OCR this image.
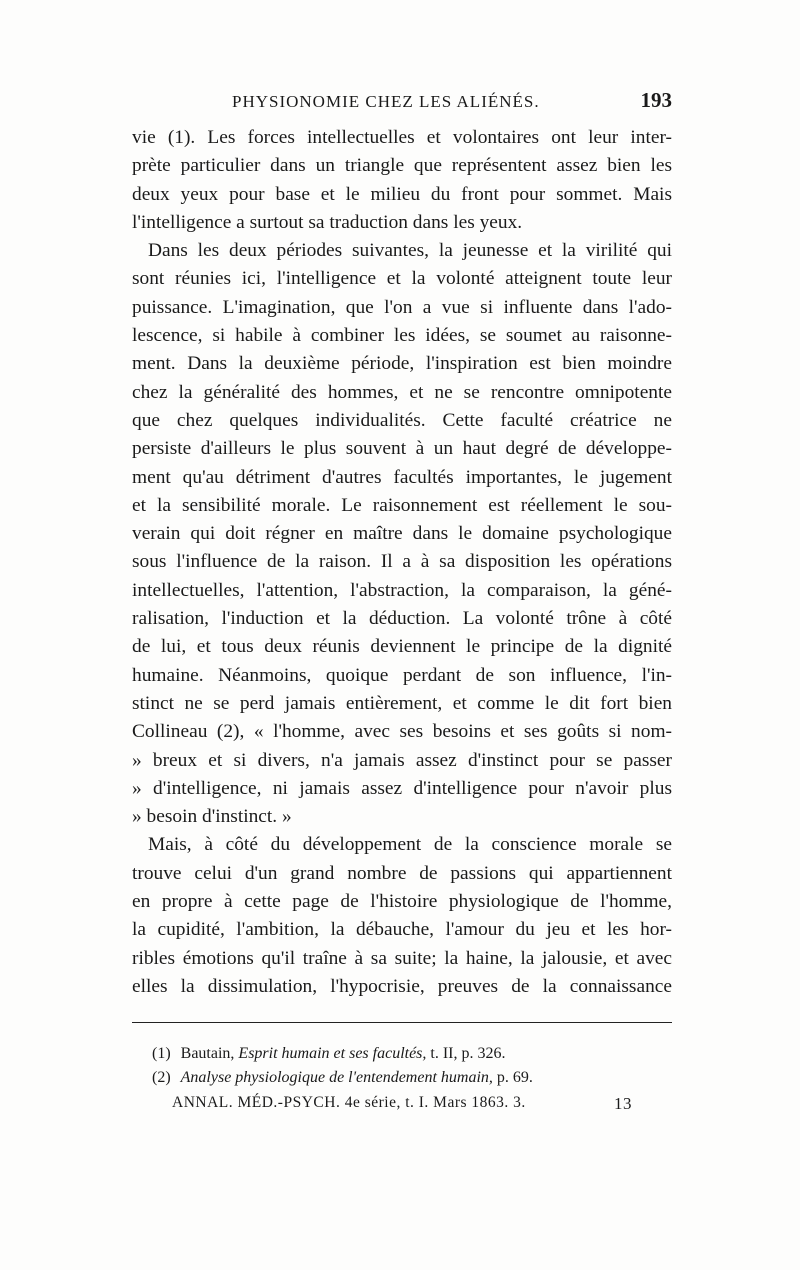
PHYSIONOMIE CHEZ LES ALIÉNÉS.	193
vie (1). Les forces intellectuelles et volontaires ont leur inter-
prète particulier dans un triangle que représentent assez bien les
deux yeux pour base et le milieu du front pour sommet. Mais
l'intelligence a surtout sa traduction dans les yeux.
Dans les deux périodes suivantes, la jeunesse et la virilité qui
sont réunies ici, l'intelligence et la volonté atteignent toute leur
puissance. L'imagination, que l'on a vue si influente dans l'ado-
lescence, si habile à combiner les idées, se soumet au raisonne-
ment. Dans la deuxième période, l'inspiration est bien moindre
chez la généralité des hommes, et ne se rencontre omnipotente
que chez quelques individualités. Cette faculté créatrice ne
persiste d'ailleurs le plus souvent à un haut degré de développe-
ment qu'au détriment d'autres facultés importantes, le jugement
et la sensibilité morale. Le raisonnement est réellement le sou-
verain qui doit régner en maître dans le domaine psychologique
sous l'influence de la raison. Il a à sa disposition les opérations
intellectuelles, l'attention, l'abstraction, la comparaison, la géné-
ralisation, l'induction et la déduction. La volonté trône à côté
de lui, et tous deux réunis deviennent le principe de la dignité
humaine. Néanmoins, quoique perdant de son influence, l'in-
stinct ne se perd jamais entièrement, et comme le dit fort bien
Collineau (2), « l'homme, avec ses besoins et ses goûts si nom-
» breux et si divers, n'a jamais assez d'instinct pour se passer
» d'intelligence, ni jamais assez d'intelligence pour n'avoir plus
» besoin d'instinct. »
Mais, à côté du développement de la conscience morale se
trouve celui d'un grand nombre de passions qui appartiennent
en propre à cette page de l'histoire physiologique de l'homme,
la cupidité, l'ambition, la débauche, l'amour du jeu et les hor-
ribles émotions qu'il traîne à sa suite; la haine, la jalousie, et avec
elles la dissimulation, l'hypocrisie, preuves de la connaissance
(1) Bautain, Esprit humain et ses facultés, t. II, p. 326.
(2) Analyse physiologique de l'entendement humain, p. 69.
ANNAL. MÉD.-PSYCH. 4e série, t. I. Mars 1863. 3.	13
